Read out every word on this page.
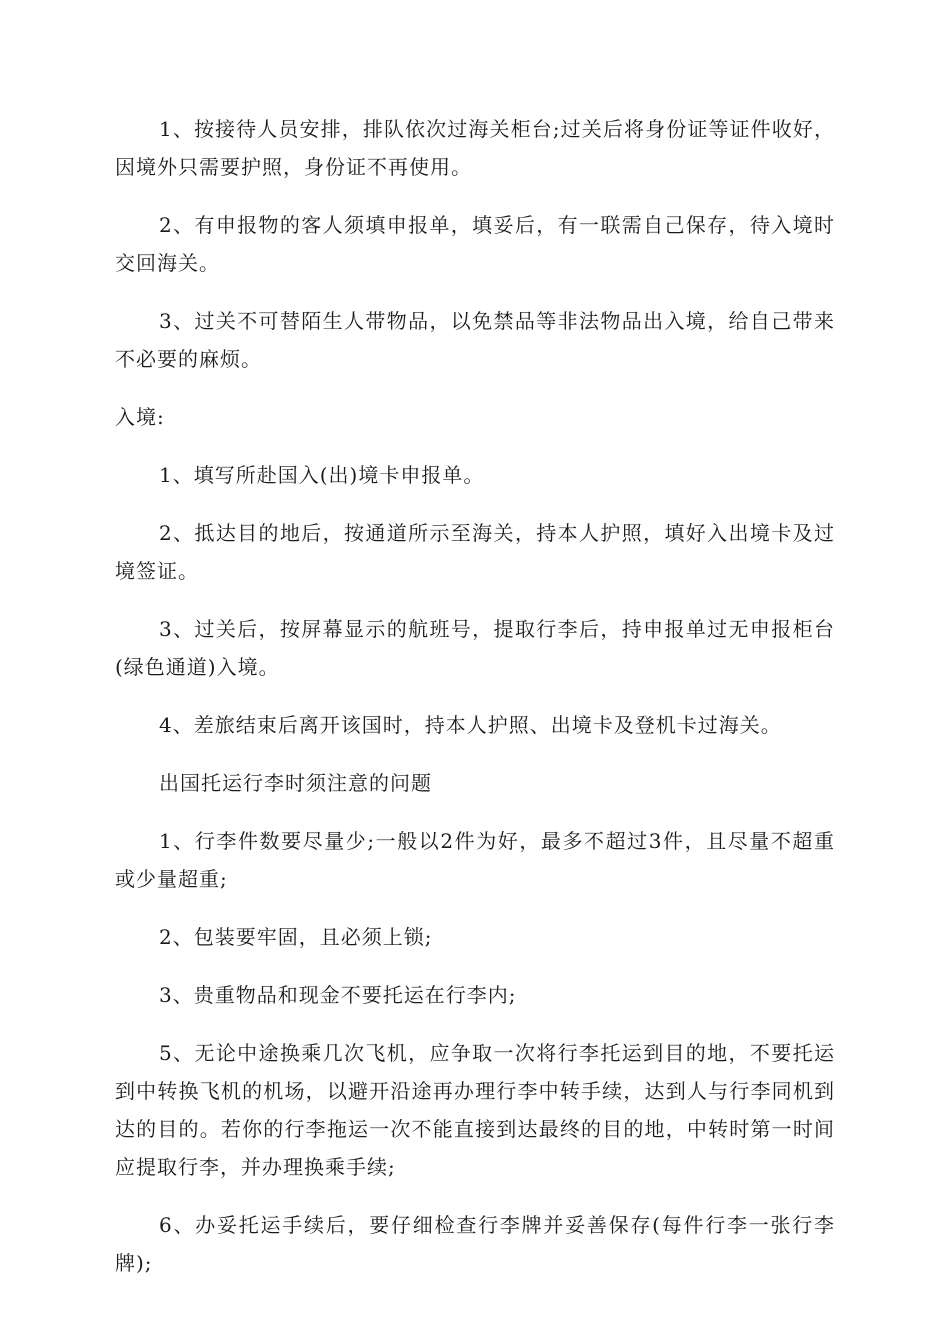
1、按接待人员安排，排队依次过海关柜台;过关后将身份证等证件收好，因境外只需要护照，身份证不再使用。

2、有申报物的客人须填申报单，填妥后，有一联需自己保存，待入境时交回海关。

3、过关不可替陌生人带物品，以免禁品等非法物品出入境，给自己带来不必要的麻烦。

入境:

1、填写所赴国入(出)境卡申报单。

2、抵达目的地后，按通道所示至海关，持本人护照，填好入出境卡及过境签证。

3、过关后，按屏幕显示的航班号，提取行李后，持申报单过无申报柜台(绿色通道)入境。

4、差旅结束后离开该国时，持本人护照、出境卡及登机卡过海关。

出国托运行李时须注意的问题

1、行李件数要尽量少;一般以2件为好，最多不超过3件，且尽量不超重或少量超重;

2、包装要牢固，且必须上锁;

3、贵重物品和现金不要托运在行李内;

5、无论中途换乘几次飞机，应争取一次将行李托运到目的地，不要托运到中转换飞机的机场，以避开沿途再办理行李中转手续，达到人与行李同机到达的目的。若你的行李拖运一次不能直接到达最终的目的地，中转时第一时间应提取行李，并办理换乘手续;

6、办妥托运手续后，要仔细检查行李牌并妥善保存(每件行李一张行李牌);
